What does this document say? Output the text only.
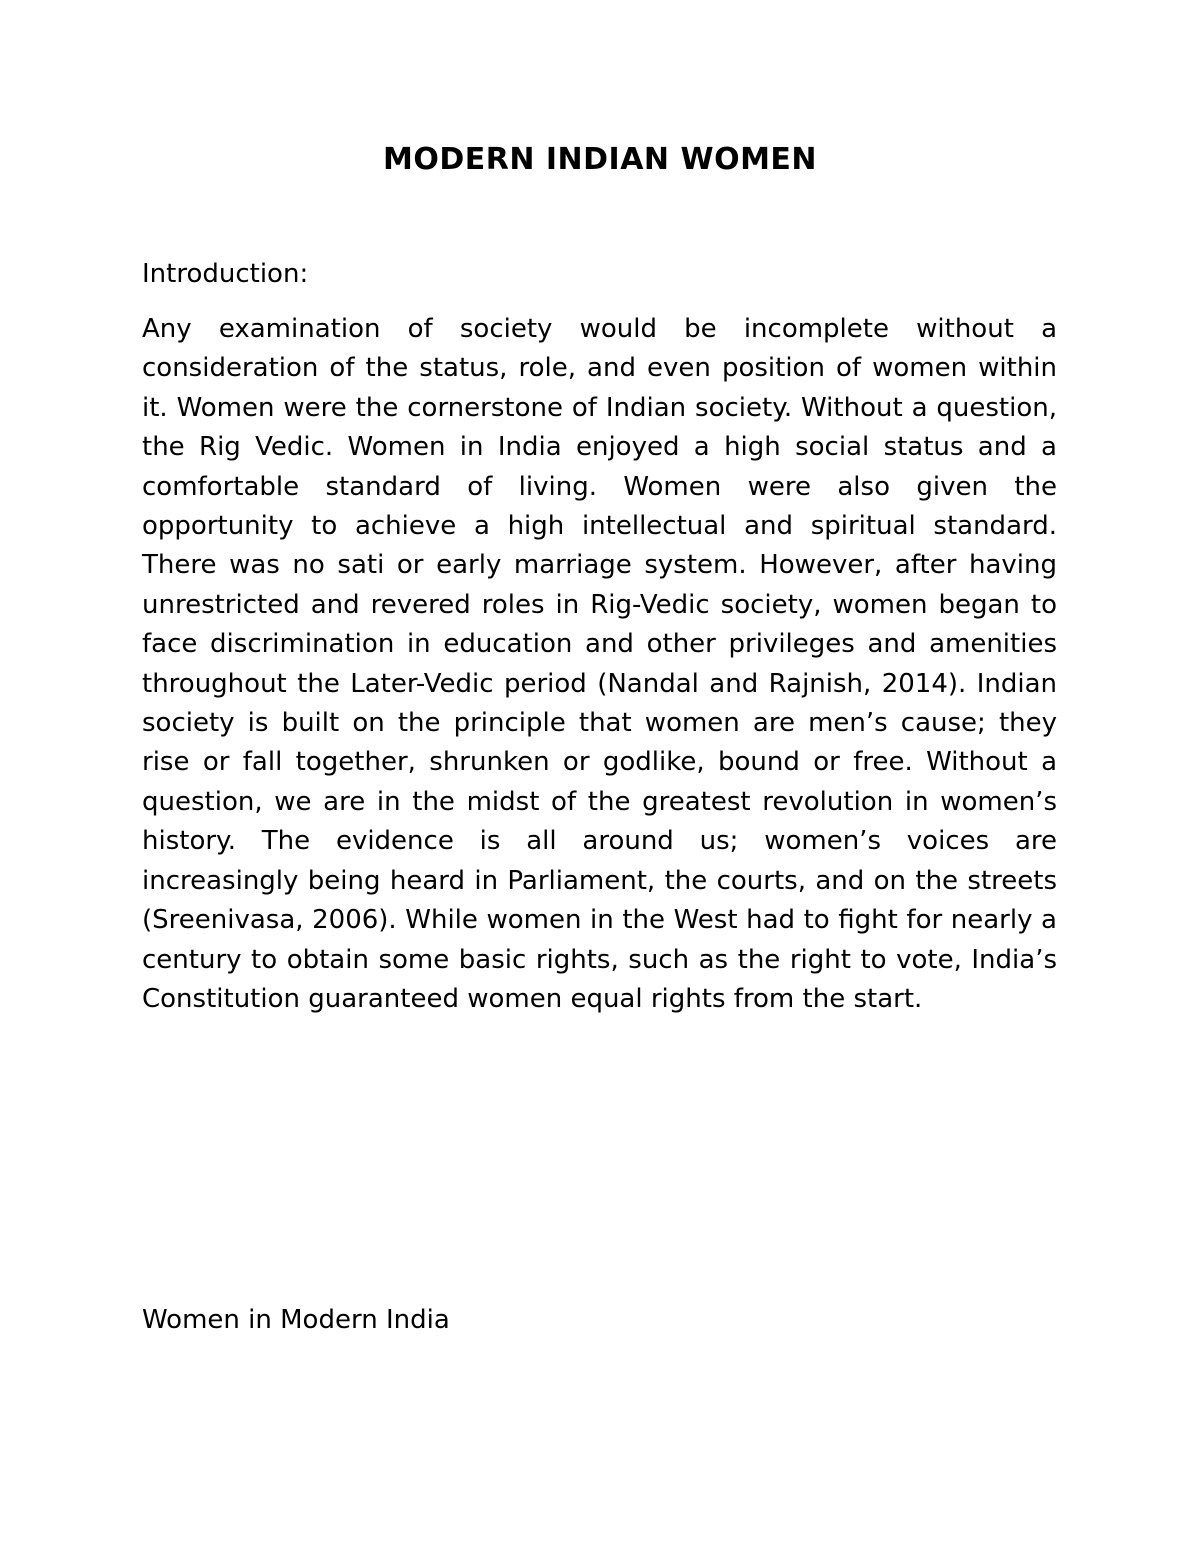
MODERN INDIAN WOMEN
Introduction:
Any examination of society would be incomplete without a consideration of the status, role, and even position of women within it. Women were the cornerstone of Indian society. Without a question, the Rig Vedic. Women in India enjoyed a high social status and a comfortable standard of living. Women were also given the opportunity to achieve a high intellectual and spiritual standard. There was no sati or early marriage system. However, after having unrestricted and revered roles in Rig-Vedic society, women began to face discrimination in education and other privileges and amenities throughout the Later-Vedic period (Nandal and Rajnish, 2014). Indian society is built on the principle that women are men’s cause; they rise or fall together, shrunken or godlike, bound or free. Without a question, we are in the midst of the greatest revolution in women’s history. The evidence is all around us; women’s voices are increasingly being heard in Parliament, the courts, and on the streets (Sreenivasa, 2006). While women in the West had to fight for nearly a century to obtain some basic rights, such as the right to vote, India’s Constitution guaranteed women equal rights from the start.
Women in Modern India
